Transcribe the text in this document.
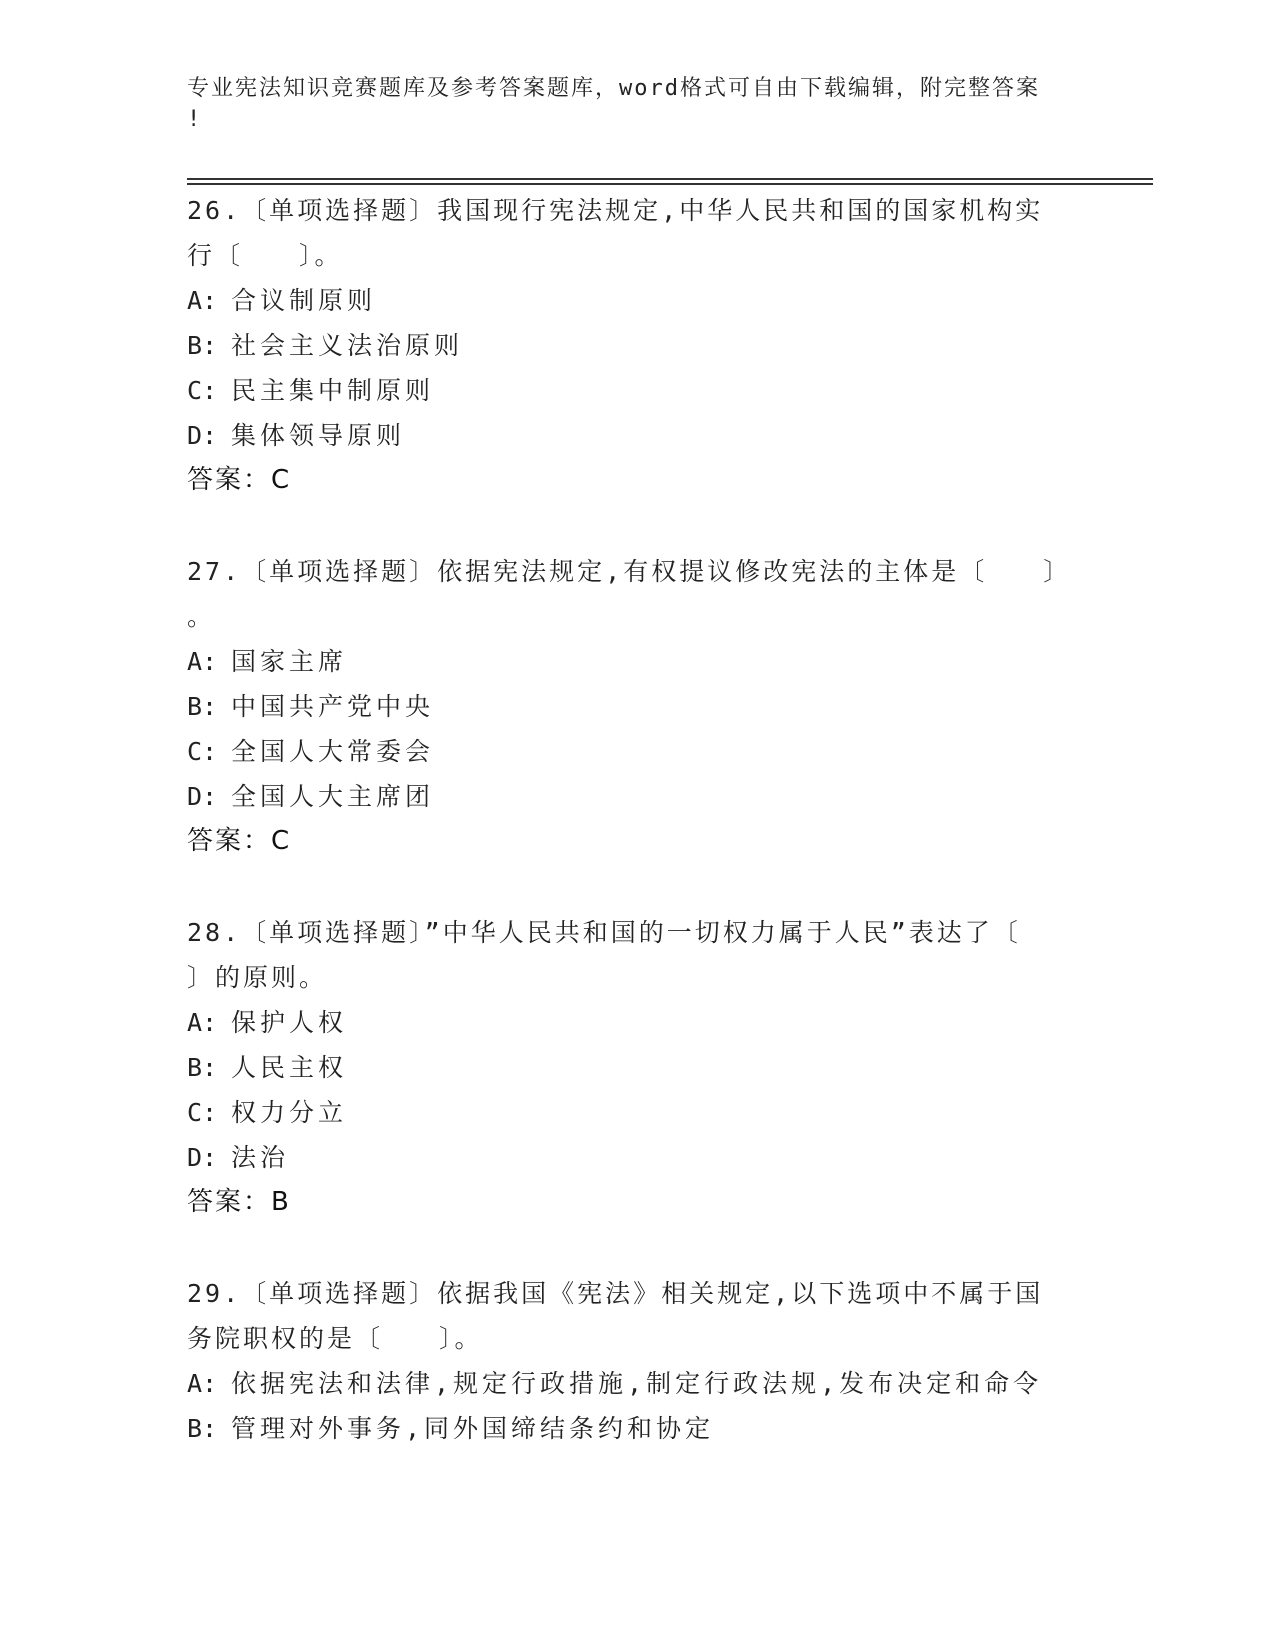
专业宪法知识竞赛题库及参考答案题库，word格式可自由下载编辑，附完整答案
!

26.〔单项选择题〕我国现行宪法规定,中华人民共和国的国家机构实

行〔　　〕。

A: 合议制原则

B: 社会主义法治原则

C: 民主集中制原则

D: 集体领导原则

答案：C

27.〔单项选择题〕依据宪法规定,有权提议修改宪法的主体是〔　　〕

。

A: 国家主席

B: 中国共产党中央

C: 全国人大常委会

D: 全国人大主席团

答案：C

28.〔单项选择题〕”中华人民共和国的一切权力属于人民”表达了〔

〕的原则。

A: 保护人权

B: 人民主权

C: 权力分立

D: 法治

答案：B

29.〔单项选择题〕依据我国《宪法》相关规定,以下选项中不属于国

务院职权的是〔　　〕。

A: 依据宪法和法律,规定行政措施,制定行政法规,发布决定和命令

B: 管理对外事务,同外国缔结条约和协定
